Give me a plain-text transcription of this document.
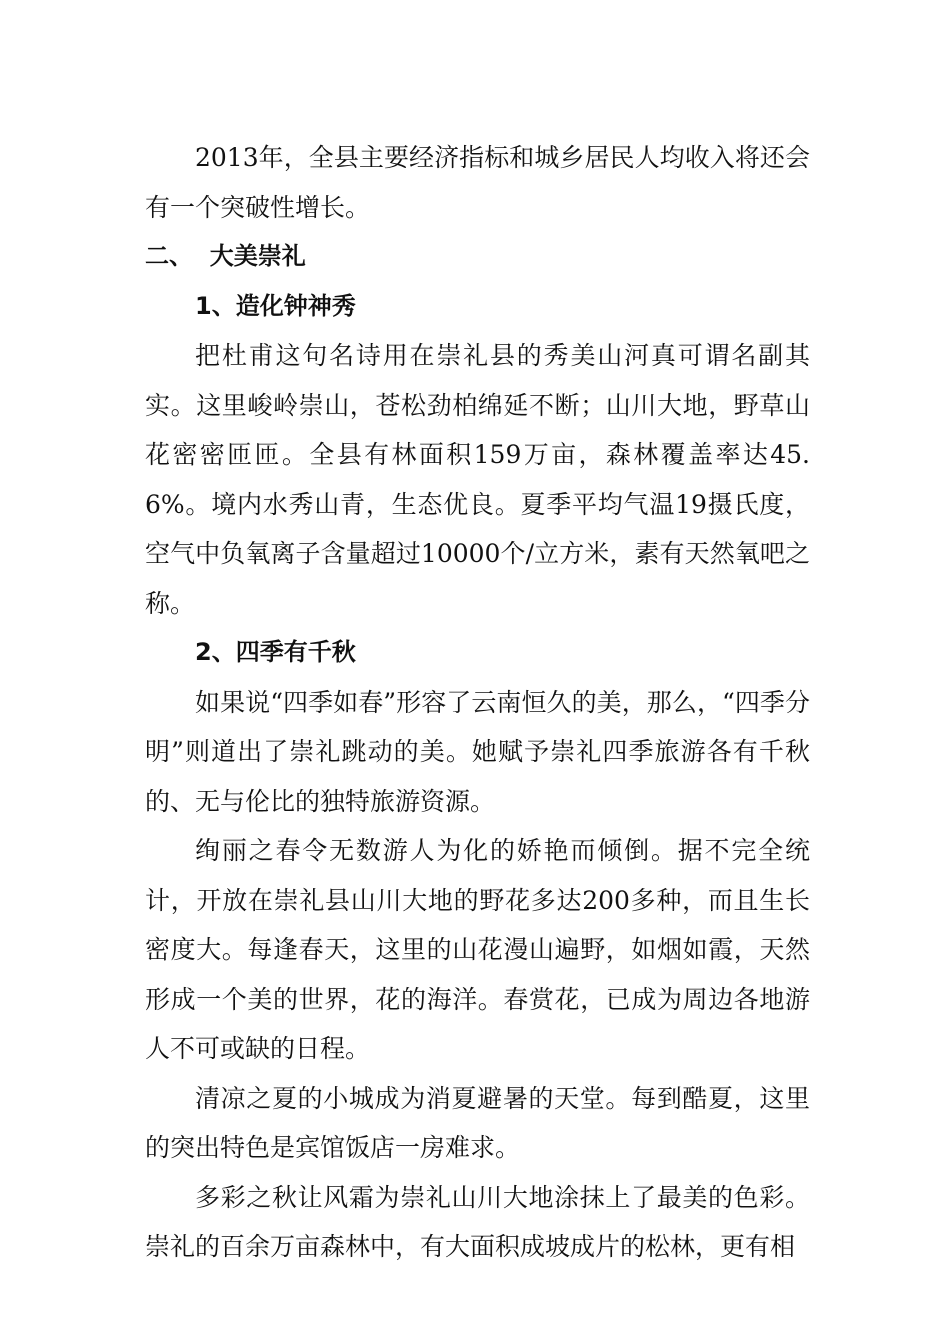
2013年，全县主要经济指标和城乡居民人均收入将还会有一个突破性增长。

二、  大美崇礼

1、造化钟神秀

把杜甫这句名诗用在崇礼县的秀美山河真可谓名副其实。这里峻岭崇山，苍松劲柏绵延不断；山川大地，野草山花密密匝匝。全县有林面积159万亩，森林覆盖率达45.6%。境内水秀山青，生态优良。夏季平均气温19摄氏度，空气中负氧离子含量超过10000个/立方米，素有天然氧吧之称。

2、四季有千秋

如果说“四季如春”形容了云南恒久的美，那么，“四季分明”则道出了崇礼跳动的美。她赋予崇礼四季旅游各有千秋的、无与伦比的独特旅游资源。

绚丽之春令无数游人为化的娇艳而倾倒。据不完全统计，开放在崇礼县山川大地的野花多达200多种，而且生长密度大。每逢春天，这里的山花漫山遍野，如烟如霞，天然形成一个美的世界，花的海洋。春赏花，已成为周边各地游人不可或缺的日程。

清凉之夏的小城成为消夏避暑的天堂。每到酷夏，这里的突出特色是宾馆饭店一房难求。

多彩之秋让风霜为崇礼山川大地涂抹上了最美的色彩。崇礼的百余万亩森林中，有大面积成坡成片的松林，更有相
